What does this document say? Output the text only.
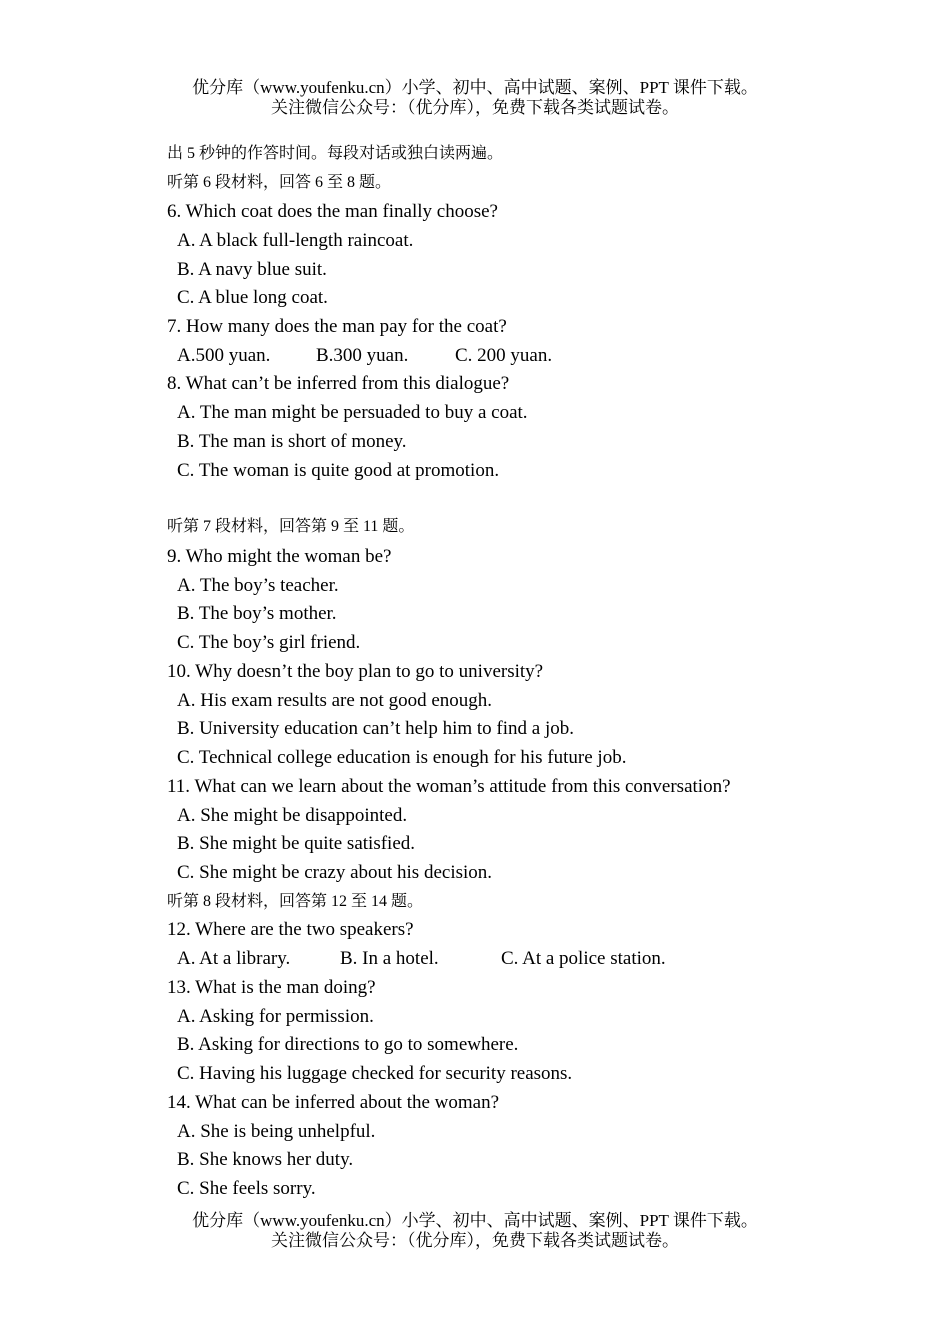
优分库（www.youfenku.cn）小学、初中、高中试题、案例、PPT 课件下载。
关注微信公众号：（优分库），免费下载各类试题试卷。
出 5 秒钟的作答时间。每段对话或独白读两遍。
听第 6 段材料，回答 6 至 8 题。
6. Which coat does the man finally choose?
A. A black full-length raincoat.
B. A navy blue suit.
C. A blue long coat.
7. How many does the man pay for the coat?
A.500 yuan. B.300 yuan. C. 200 yuan.
8. What can’t be inferred from this dialogue?
A. The man might be persuaded to buy a coat.
B. The man is short of money.
C. The woman is quite good at promotion.
听第 7 段材料，回答第 9 至 11 题。
9. Who might the woman be?
A. The boy’s teacher.
B. The boy’s mother.
C. The boy’s girl friend.
10. Why doesn’t the boy plan to go to university?
A. His exam results are not good enough.
B. University education can’t help him to find a job.
C. Technical college education is enough for his future job.
11. What can we learn about the woman’s attitude from this conversation?
A. She might be disappointed.
B. She might be quite satisfied.
C. She might be crazy about his decision.
听第 8 段材料，回答第 12 至 14 题。
12. Where are the two speakers?
A. At a library.	B. In a hotel.	C. At a police station.
13. What is the man doing?
A. Asking for permission.
B. Asking for directions to go to somewhere.
C. Having his luggage checked for security reasons.
14. What can be inferred about the woman?
A. She is being unhelpful.
B. She knows her duty.
C. She feels sorry.
优分库（www.youfenku.cn）小学、初中、高中试题、案例、PPT 课件下载。
关注微信公众号：（优分库），免费下载各类试题试卷。
